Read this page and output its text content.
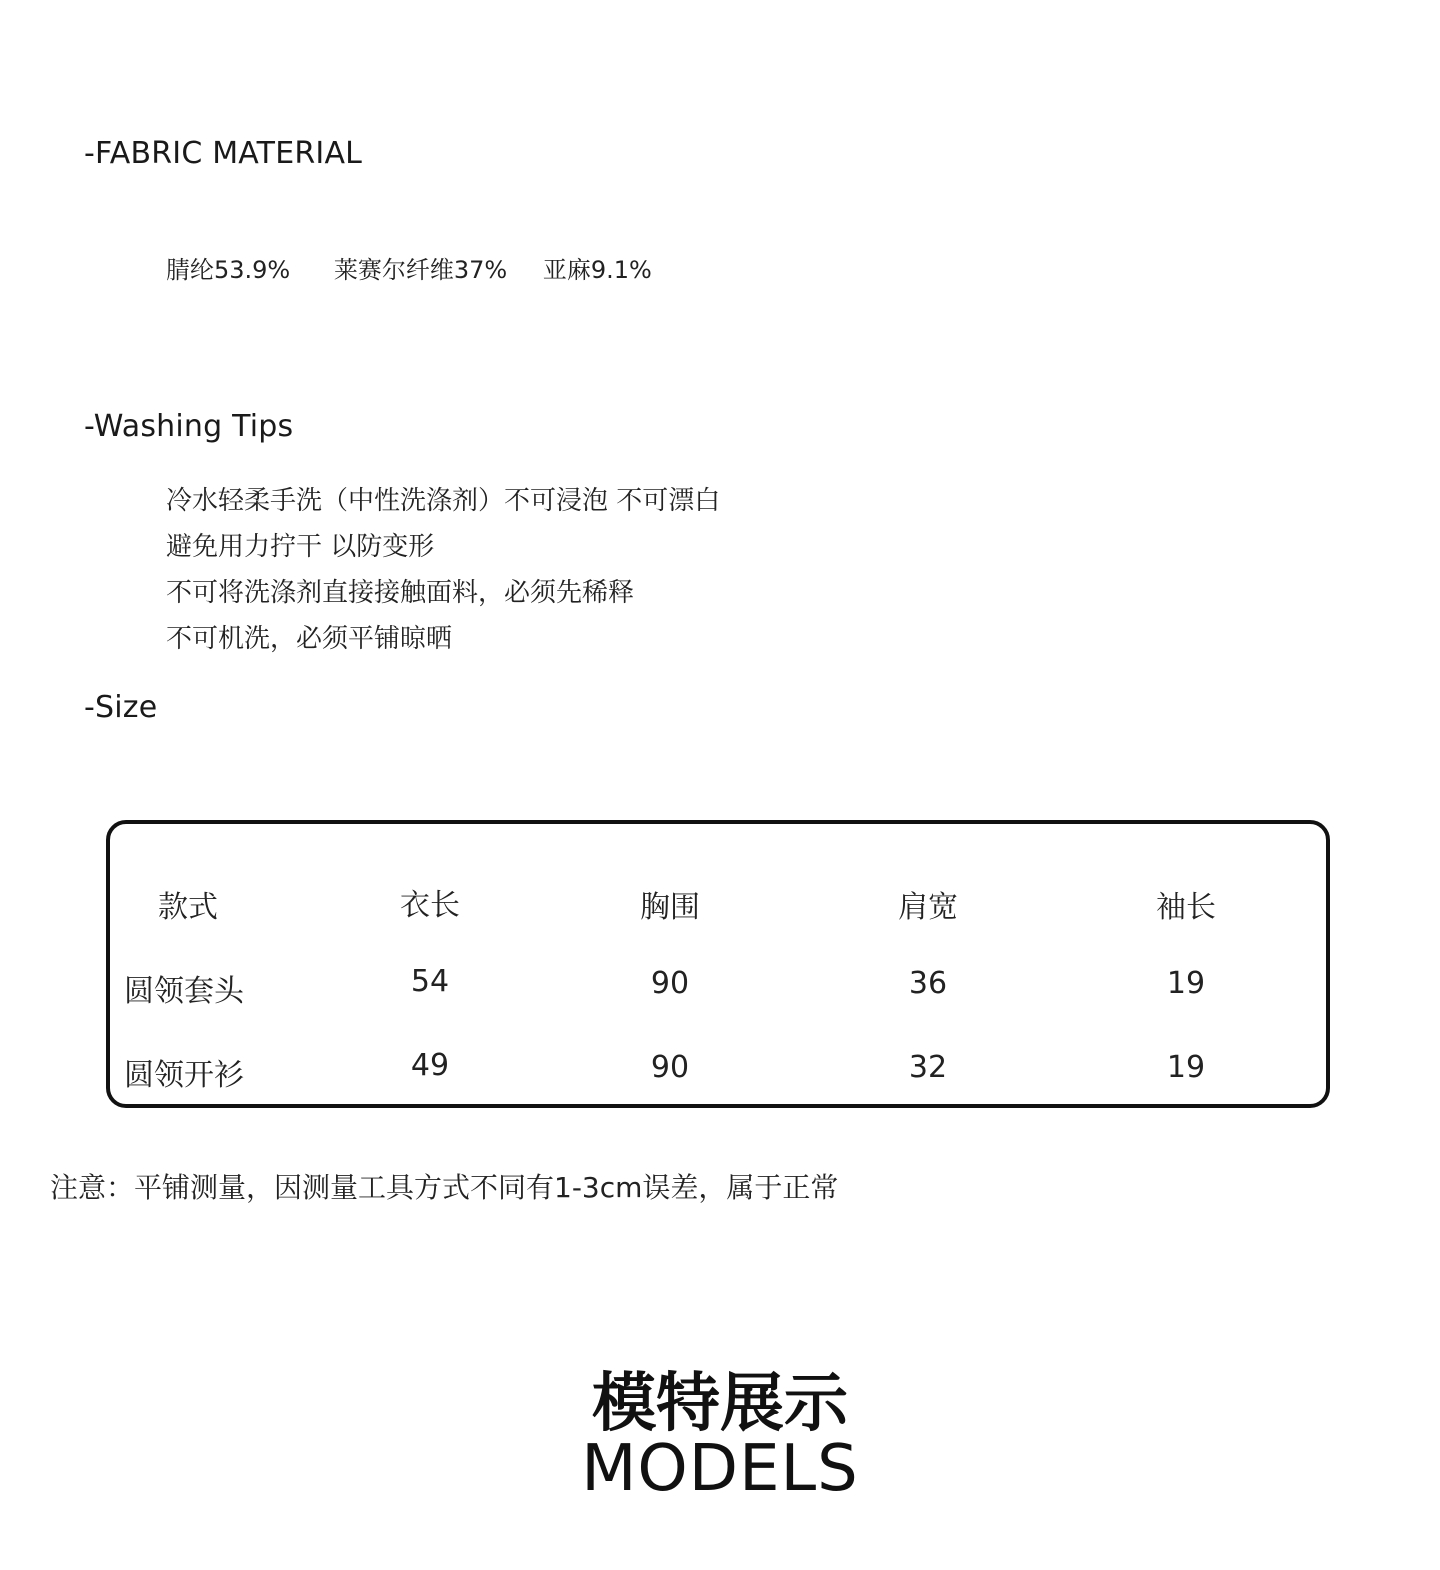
-FABRIC MATERIAL
腈纶53.9% 莱赛尔纤维37% 亚麻9.1%
-Washing Tips
冷水轻柔手洗（中性洗涤剂）不可浸泡 不可漂白
避免用力拧干 以防变形
不可将洗涤剂直接接触面料，必须先稀释
不可机洗，必须平铺晾晒
-Size
款式	衣长	胸围	肩宽	袖长
圆领套头	54	90	36	19
圆领开衫	49	90	32	19
注意：平铺测量，因测量工具方式不同有1-3cm误差，属于正常
模特展示
MODELS
